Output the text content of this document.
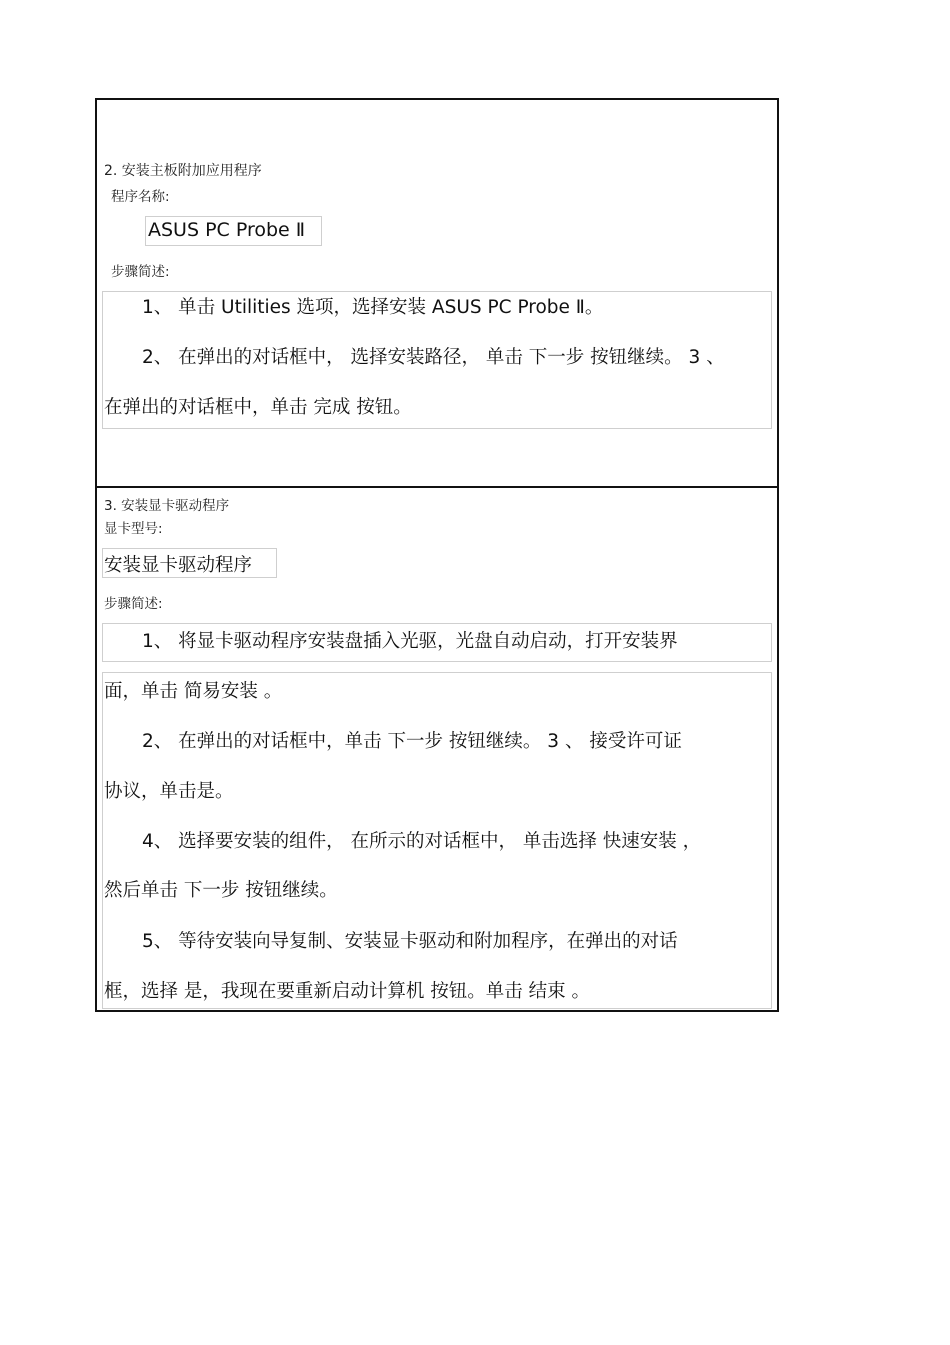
2. 安装主板附加应用程序
程序名称:
ASUS PC Probe Ⅱ
步骤简述:
1、 单击 Utilities 选项，选择安装 ASUS PC Probe Ⅱ。
2、 在弹出的对话框中， 选择安装路径， 单击 下一步 按钮继续。 3 、
在弹出的对话框中，单击 完成 按钮。
3. 安装显卡驱动程序
显卡型号:
安装显卡驱动程序
步骤简述:
1、 将显卡驱动程序安装盘插入光驱，光盘自动启动，打开安装界
面，单击 简易安装 。
2、 在弹出的对话框中，单击 下一步 按钮继续。 3 、 接受许可证
协议，单击是。
4、 选择要安装的组件， 在所示的对话框中， 单击选择 快速安装 ，
然后单击 下一步 按钮继续。
5、 等待安装向导复制、安装显卡驱动和附加程序，在弹出的对话
框，选择 是，我现在要重新启动计算机 按钮。单击 结束 。
